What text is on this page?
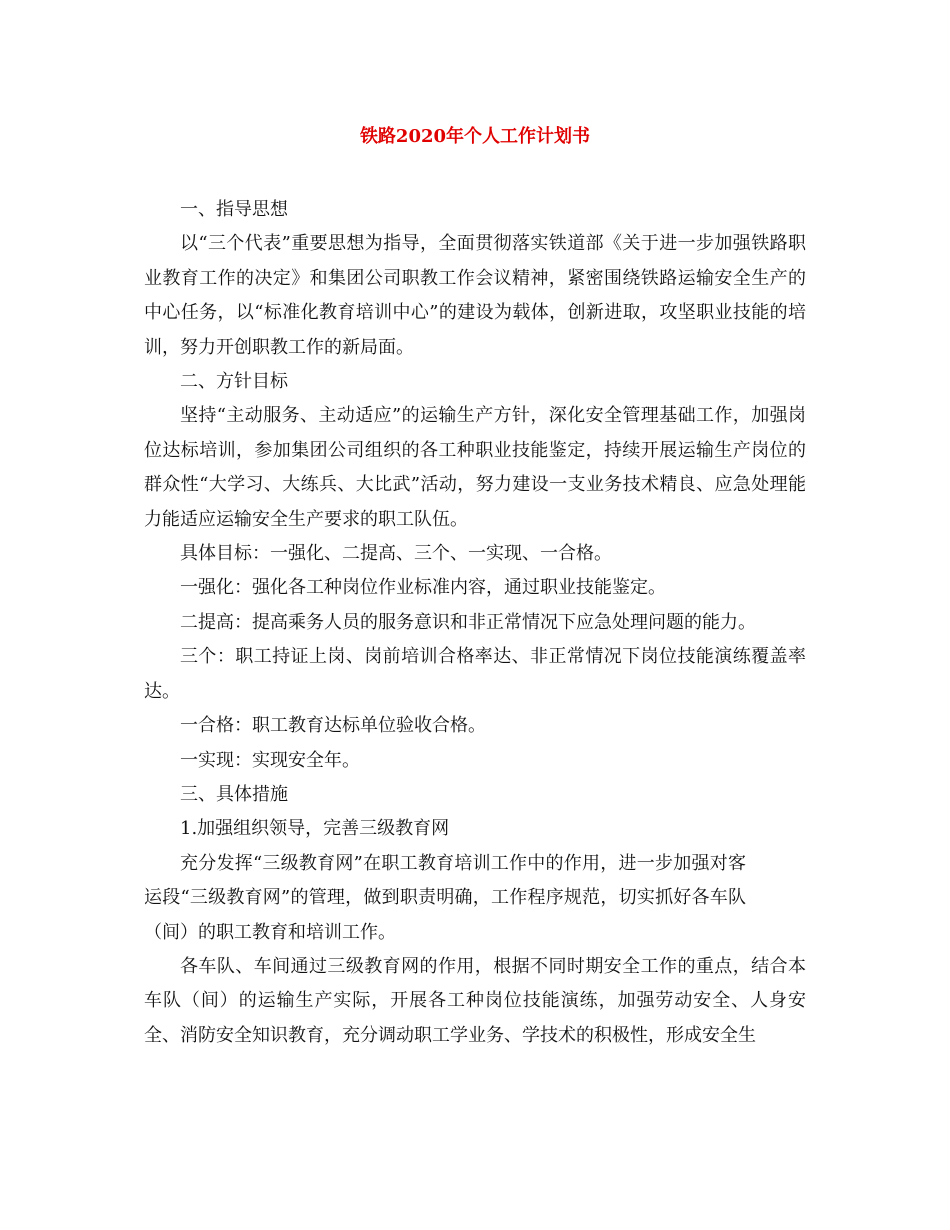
铁路2020年个人工作计划书

一、指导思想

以“三个代表”重要思想为指导，全面贯彻落实铁道部《关于进一步加强铁路职业教育工作的决定》和集团公司职教工作会议精神，紧密围绕铁路运输安全生产的中心任务，以“标准化教育培训中心”的建设为载体，创新进取，攻坚职业技能的培训，努力开创职教工作的新局面。

二、方针目标

坚持“主动服务、主动适应”的运输生产方针，深化安全管理基础工作，加强岗位达标培训，参加集团公司组织的各工种职业技能鉴定，持续开展运输生产岗位的群众性“大学习、大练兵、大比武”活动，努力建设一支业务技术精良、应急处理能力能适应运输安全生产要求的职工队伍。

具体目标：一强化、二提高、三个、一实现、一合格。

一强化：强化各工种岗位作业标准内容，通过职业技能鉴定。

二提高：提高乘务人员的服务意识和非正常情况下应急处理问题的能力。

三个：职工持证上岗、岗前培训合格率达、非正常情况下岗位技能演练覆盖率达。

一合格：职工教育达标单位验收合格。

一实现：实现安全年。

三、具体措施

1.加强组织领导，完善三级教育网

充分发挥“三级教育网”在职工教育培训工作中的作用，进一步加强对客运段“三级教育网”的管理，做到职责明确，工作程序规范，切实抓好各车队（间）的职工教育和培训工作。

各车队、车间通过三级教育网的作用，根据不同时期安全工作的重点，结合本车队（间）的运输生产实际，开展各工种岗位技能演练，加强劳动安全、人身安全、消防安全知识教育，充分调动职工学业务、学技术的积极性，形成安全生
